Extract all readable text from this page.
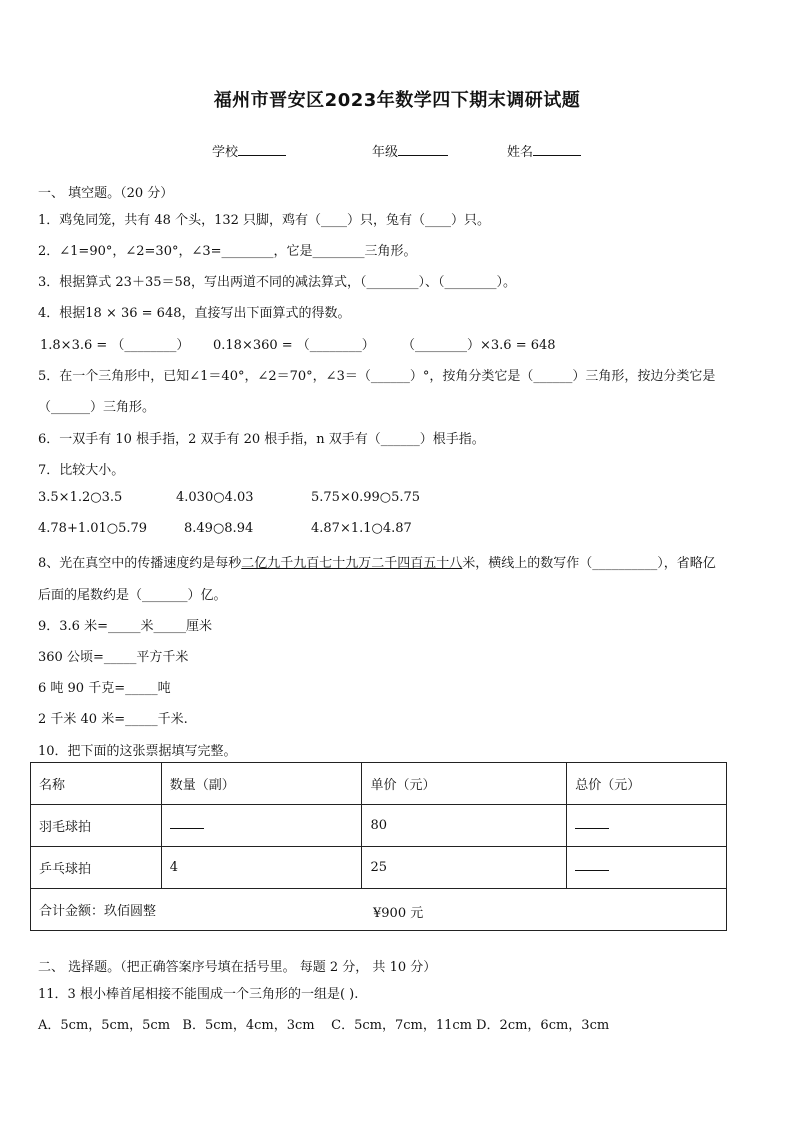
福州市晋安区2023年数学四下期末调研试题
学校	年级	姓名
一、 填空题。（20 分）
1．鸡兔同笼，共有 48 个头，132 只脚，鸡有（____）只，兔有（____）只。
2．∠1=90°，∠2=30°，∠3=________，它是________三角形。
3．根据算式 23＋35＝58，写出两道不同的减法算式，（________）、（________）。
4．根据18 × 36 = 648，直接写出下面算式的得数。
1.8×3.6 = （________） 0.18×360 = （________） （________）×3.6 = 648
5．在一个三角形中，已知∠1＝40°，∠2＝70°，∠3＝（______）°，按角分类它是（______）三角形，按边分类它是
（______）三角形。
6．一双手有 10 根手指，2 双手有 20 根手指，n 双手有（______）根手指。
7．比较大小。
3.5×1.2○3.5	4.030○4.03	5.75×0.99○5.75
4.78+1.01○5.79	8.49○8.94	4.87×1.1○4.87
8、光在真空中的传播速度约是每秒二亿九千九百七十九万二千四百五十八米，横线上的数写作（__________），省略亿
后面的尾数约是（_______）亿。
9．3.6 米=_____米_____厘米
360 公顷=_____平方千米
6 吨 90 千克=_____吨
2 千米 40 米=_____千米.
10．把下面的这张票据填写完整。
名称	数量（副）	单价（元）	总价（元）
羽毛球拍		80	
乒乓球拍	4	25	
合计金额：玖佰圆整 ¥900 元			
二、 选择题。（把正确答案序号填在括号里。 每题 2 分， 共 10 分）
11．3 根小棒首尾相接不能围成一个三角形的一组是( ).
A．5cm，5cm，5cm   B．5cm，4cm，3cm    C．5cm，7cm，11cm D．2cm，6cm，3cm
